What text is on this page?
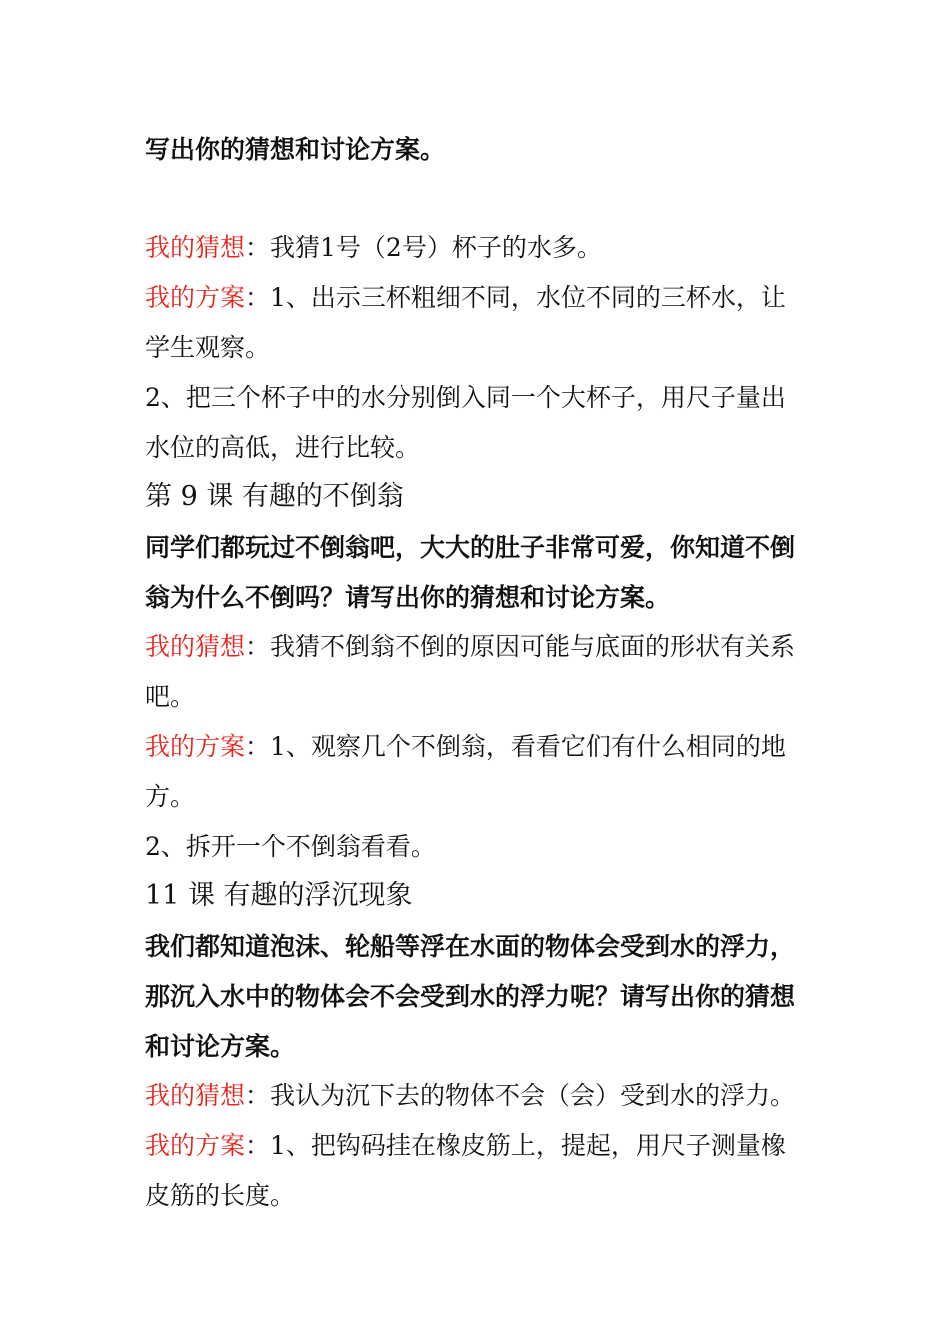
写出你的猜想和讨论方案。
我的猜想：我猜1号（2号）杯子的水多。
我的方案：1、出示三杯粗细不同，水位不同的三杯水，让
学生观察。
2、把三个杯子中的水分别倒入同一个大杯子，用尺子量出
水位的高低，进行比较。
第 9 课 有趣的不倒翁
同学们都玩过不倒翁吧，大大的肚子非常可爱，你知道不倒
翁为什么不倒吗？请写出你的猜想和讨论方案。
我的猜想：我猜不倒翁不倒的原因可能与底面的形状有关系
吧。
我的方案：1、观察几个不倒翁，看看它们有什么相同的地
方。
2、拆开一个不倒翁看看。
11 课 有趣的浮沉现象
我们都知道泡沫、轮船等浮在水面的物体会受到水的浮力，
那沉入水中的物体会不会受到水的浮力呢？请写出你的猜想
和讨论方案。
我的猜想：我认为沉下去的物体不会（会）受到水的浮力。
我的方案：1、把钩码挂在橡皮筋上，提起，用尺子测量橡
皮筋的长度。
